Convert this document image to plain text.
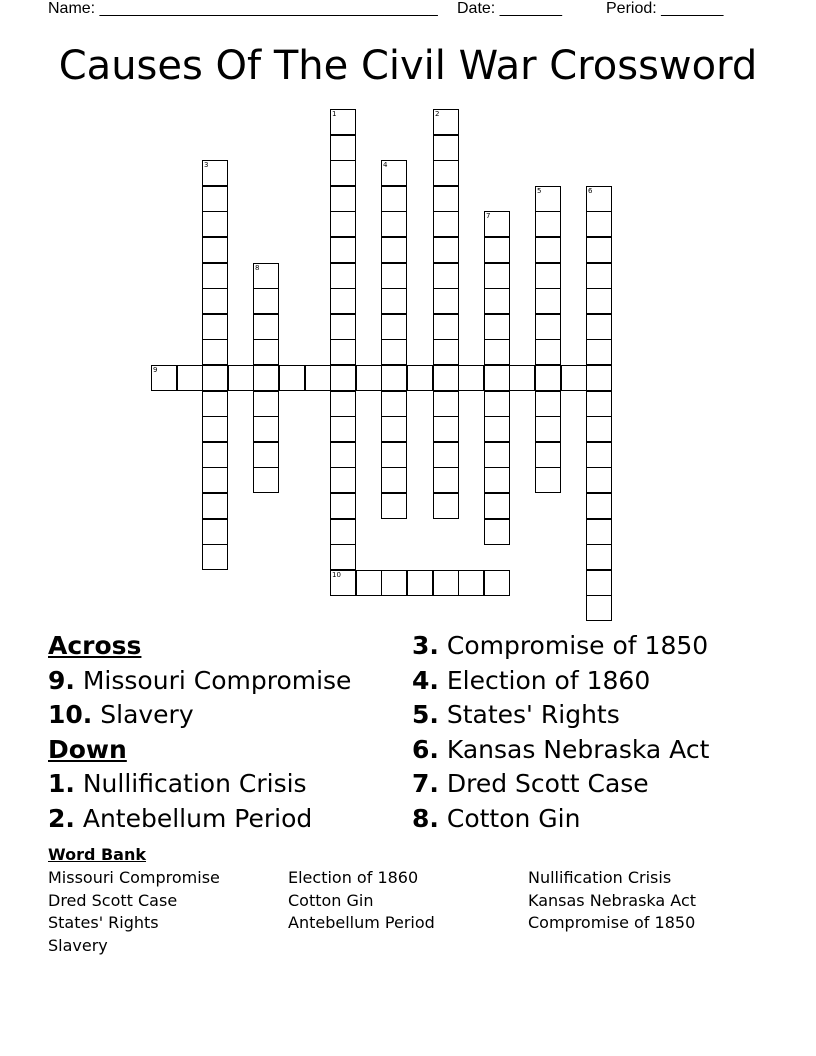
Name: ______________________________________ Date: _______	Period: _______
Causes Of The Civil War Crossword
1
10
2
3	4
5	6
7
8
9
Across
9. Missouri Compromise
10. Slavery
Down
1. Nullification Crisis
2. Antebellum Period
3. Compromise of 1850
4. Election of 1860
5. States' Rights
6. Kansas Nebraska Act
7. Dred Scott Case
8. Cotton Gin
Word Bank
Missouri Compromise
Dred Scott Case
States' Rights
Slavery
Election of 1860
Cotton Gin
Antebellum Period
Nullification Crisis
Kansas Nebraska Act
Compromise of 1850
